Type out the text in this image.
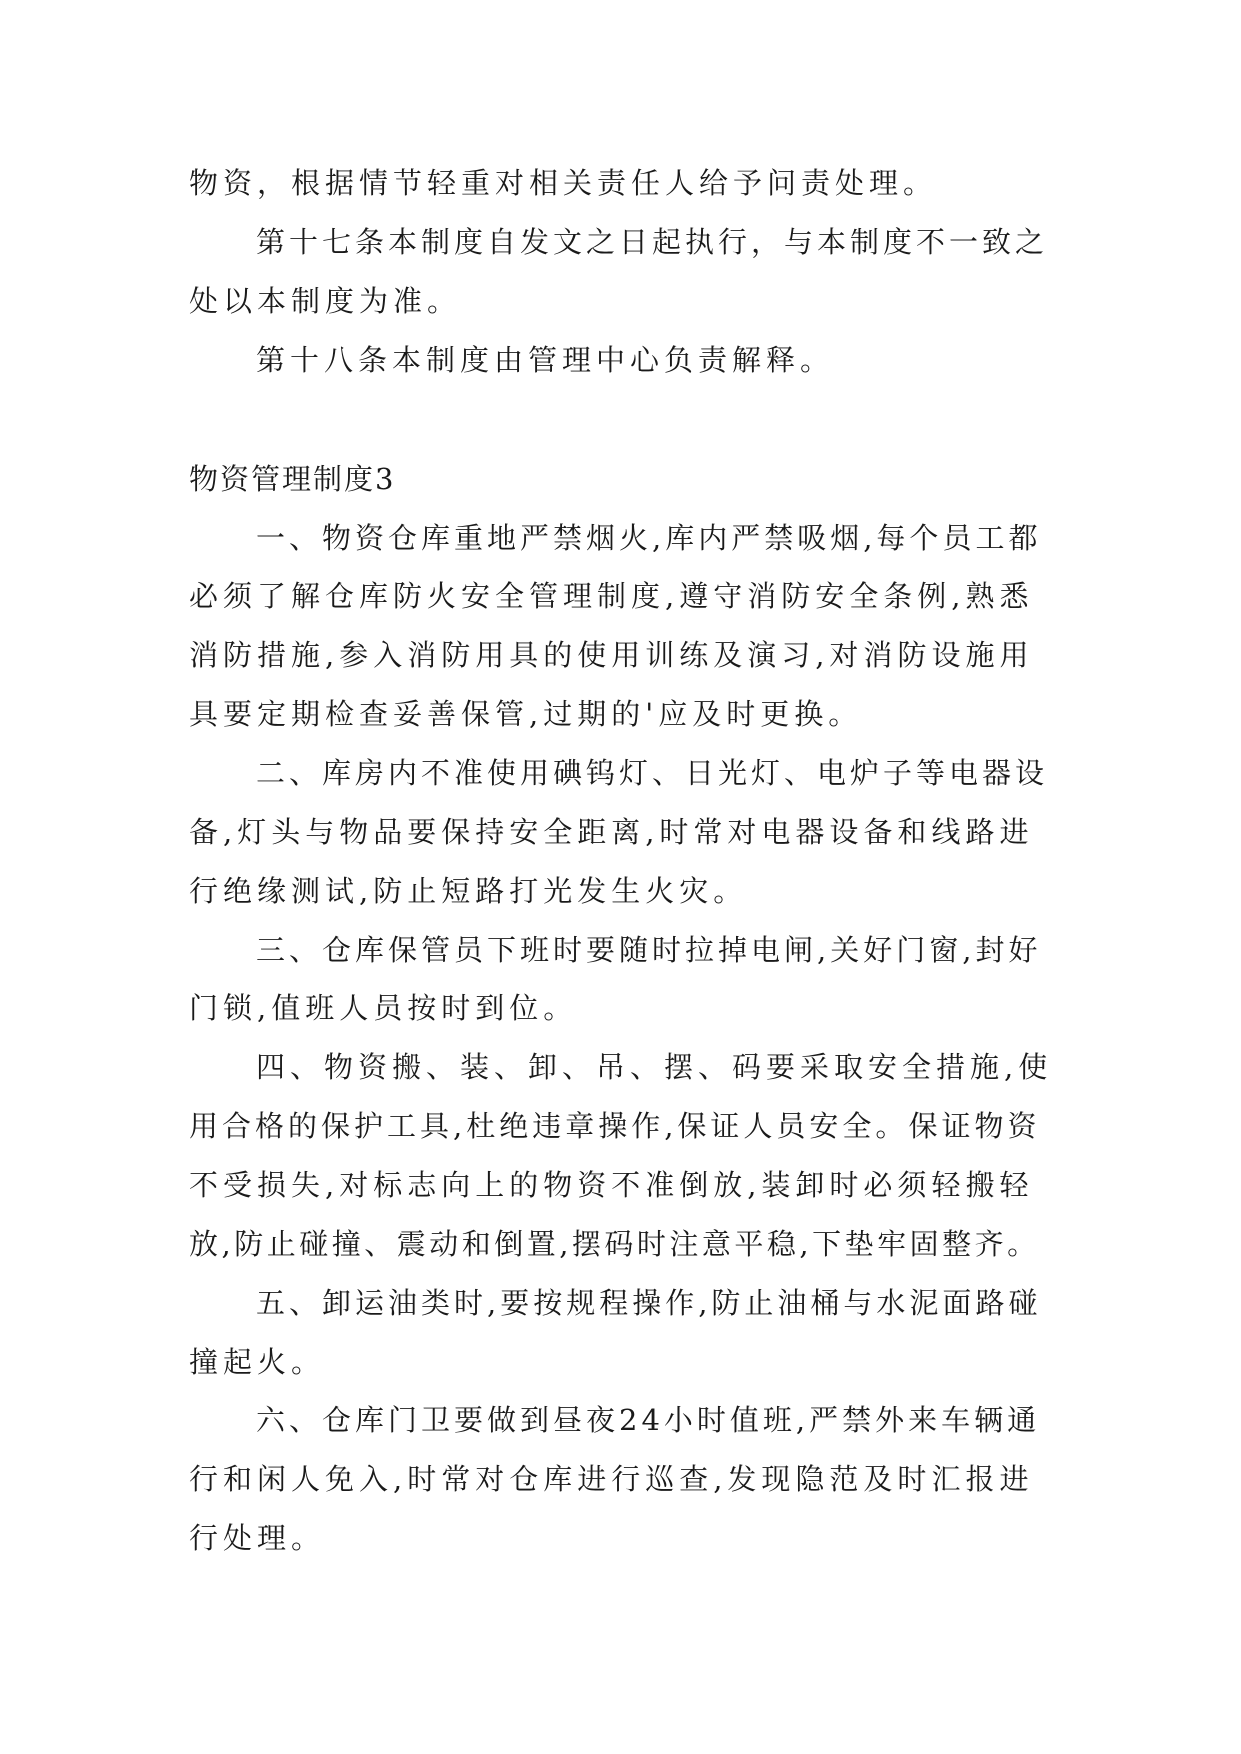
物资，根据情节轻重对相关责任人给予问责处理。
第十七条本制度自发文之日起执行，与本制度不一致之
处以本制度为准。
第十八条本制度由管理中心负责解释。
物资管理制度3
一、物资仓库重地严禁烟火,库内严禁吸烟,每个员工都
必须了解仓库防火安全管理制度,遵守消防安全条例,熟悉
消防措施,参入消防用具的使用训练及演习,对消防设施用
具要定期检查妥善保管,过期的'应及时更换。
二、库房内不准使用碘钨灯、日光灯、电炉子等电器设
备,灯头与物品要保持安全距离,时常对电器设备和线路进
行绝缘测试,防止短路打光发生火灾。
三、仓库保管员下班时要随时拉掉电闸,关好门窗,封好
门锁,值班人员按时到位。
四、物资搬、装、卸、吊、摆、码要采取安全措施,使
用合格的保护工具,杜绝违章操作,保证人员安全。保证物资
不受损失,对标志向上的物资不准倒放,装卸时必须轻搬轻
放,防止碰撞、震动和倒置,摆码时注意平稳,下垫牢固整齐。
五、卸运油类时,要按规程操作,防止油桶与水泥面路碰
撞起火。
六、仓库门卫要做到昼夜24小时值班,严禁外来车辆通
行和闲人免入,时常对仓库进行巡查,发现隐范及时汇报进
行处理。
